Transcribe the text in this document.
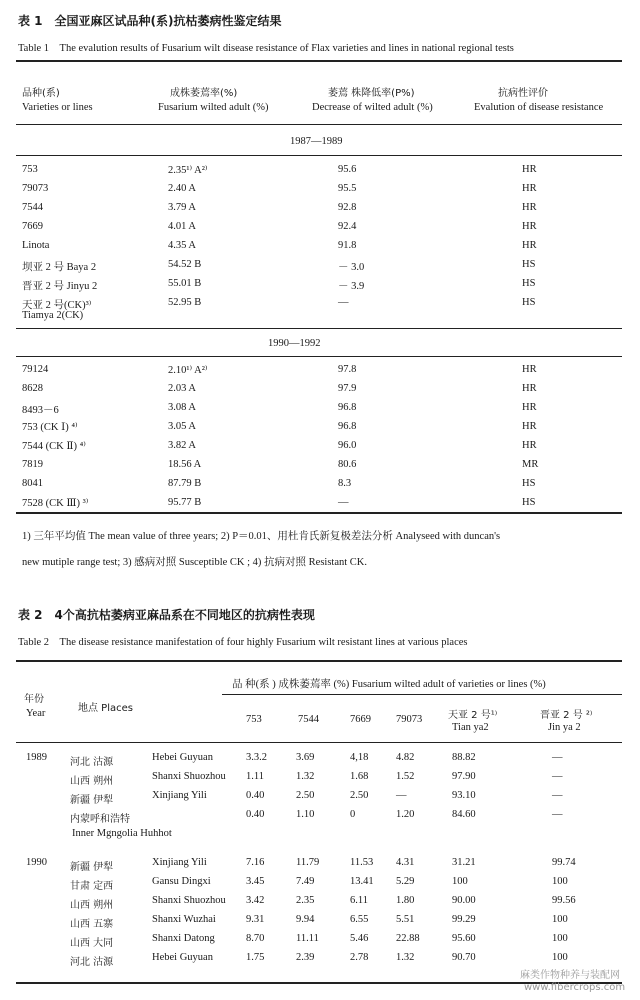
表 1　全国亚麻区试品种(系)抗枯萎病性鉴定结果
Table 1　The evalution results of Fusarium wilt disease resistance of Flax varieties and lines in national regional tests
品种(系)
Varieties or lines
成株萎蔫率(%)
Fusarium wilted adult (%)
萎蔫 株降低率(P%)
Decrease of wilted adult (%)
抗病性评价
Evalution of disease resistance
1987—1989
753	2.35¹⁾ A²⁾	95.6	HR
79073	2.40 A	95.5	HR
7544	3.79 A	92.8	HR
7669	4.01 A	92.4	HR
Linota	4.35 A	91.8	HR
坝亚 2 号 Baya 2	54.52 B	－ 3.0	HS
晋亚 2 号 Jinyu 2	55.01 B	－ 3.9	HS
天亚 2 号(CK)³⁾	52.95 B	—	HS
Tiamya 2(CK)
1990—1992
79124	2.10¹⁾ A²⁾	97.8	HR
8628	2.03 A	97.9	HR
8493－6	3.08 A	96.8	HR
753 (CK Ⅰ) ⁴⁾	3.05 A	96.8	HR
7544 (CK Ⅱ) ⁴⁾	3.82 A	96.0	HR
7819	18.56 A	80.6	MR
8041	87.79 B	8.3	HS
7528 (CK Ⅲ) ³⁾	95.77 B	—	HS
1) 三年平均值 The mean value of three years; 2) P＝0.01、用杜肯氏新复极差法分析 Analyseed with duncan's
new mutiple range test; 3) 感病对照 Susceptible CK ; 4) 抗病对照 Resistant CK.
表 2　4个高抗枯萎病亚麻品系在不同地区的抗病性表现
Table 2　The disease resistance manifestation of four highly Fusarium wilt resistant lines at various places
年份
Year	地点 Places
品 种(系 ) 成株萎蔫率 (%) Fusarium wilted adult of varieties or lines (%)
753	7544	7669 79073	天亚 2 号¹⁾
Tian ya2
晋亚 2 号 ²⁾
Jin ya 2
1989 河北 沽源	Hebei Guyuan	3.3.2	3.69	4,18	4.82	88.82	—
山西 朔州	Shanxi Shuozhou 1.11	1.32	1.68	1.52	97.90	—
新疆 伊犁	Xinjiang Yili	0.40	2.50	2.50	—	93.10	—
内蒙呼和浩特	0.40	1.10	0	1.20	84.60	—
Inner Mgngolia Huhhot
1990 新疆 伊犁	Xinjiang Yili	7.16	11.79	11.53 4.31	31.21	99.74
甘肃 定西	Gansu Dingxi	3.45	7.49	13.41 5.29	100	100
山西 朔州	Shanxi Shuozhou 3.42	2.35	6.11	1.80	90.00	99.56
山西 五寨	Shanxi Wuzhai	9.31	9.94	6.55	5.51	99.29	100
山西 大同	Shanxi Datong	8.70	11.11	5.46	22.88	95.60	100
河北 沽源	Hebei Guyuan	1.75	2.39	2.78	1.32	90.70	100
麻类作物种养与装配网
www.fibercrops.com
